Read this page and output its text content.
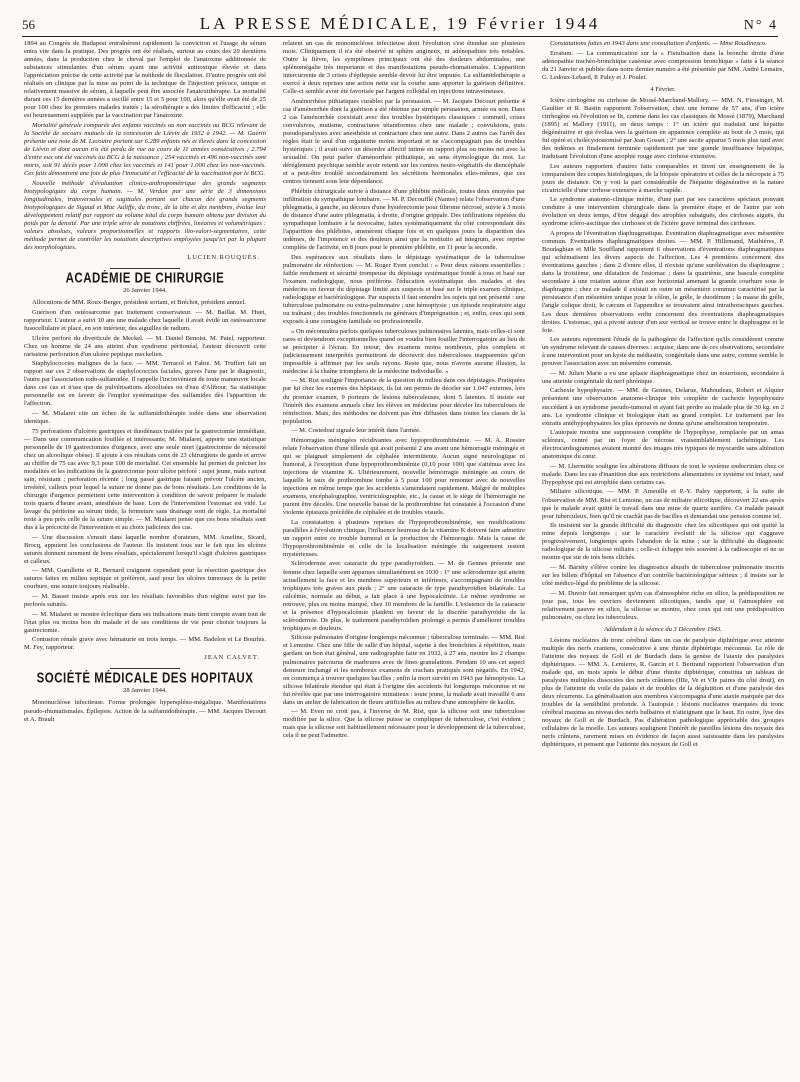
56	LA PRESSE MÉDICALE, 19 Février 1944	N° 4

1894 au Congrès de Budapest entraînèrent rapidement la conviction et l'usage du sérum entra vite dans la pratique. Des progrès ont été réalisés, surtout au cours des 20 dernières années, dans la production chez le cheval par l'emploi de l'anatoxine additionnée de substances stimulantes d'un sérum ayant une activité antitoxique élevée et dans l'appréciation précise de cette activité par la méthode de floculation. D'autre progrès ont été réalisés en clinique par la mise au point de la technique de l'injection précoce, unique et relativement massive de sérum, à laquelle peut être associée l'anatoxithérapie. La mortalité durant ces 15 dernières années a oscillé entre 15 et 5 pour 100, alors qu'elle avait été de 25 pour 100 chez les premiers malades traités ; la sérothérapie a des limites d'efficacité ; elle est heureusement suppléée par la vaccination par l'anatoxine.

Mortalité générale comparée des enfants vaccinés ou non vaccinés au BCG relevant de la Société de secours mutuels de la concession de Liévin de 1932 à 1942. — M. Guérin présente une note de M. Lecoutre portant sur 6.289 enfants nés et élevés dans la concession de Liévin et dont aucun n'a été perdu de vue au cours de 11 années consécutives ; 2.794 d'entre eux ont été vaccinés au BCG à la naissance ; 254 vaccinés et 496 non-vaccinés sont morts, soit 91 décès pour 1.000 chez les vaccinés et 141 pour 1.000 chez les non-vaccinés. Ces faits démontrent une fois de plus l'innocuité et l'efficacité de la vaccination par le BCG.

Nouvelle méthode d'évaluation clinico-anthropométrique des grands segments biotypologiques du corps humain. — M. Verdun par une série de 3 dimensions longitudinales, transversales et sagittales portant sur chacun des grands segments biotypologiques de Sigaud et Mac Auliffe, du tronc, de la tête et des membres, évalue leur développement relatif par rapport au volume total du corps humain obtenu par division du poids par la densité. Par une triple série de notations chiffrées, linéaires et volumétriques : valeurs absolues, valeurs proportionnelles et rapports ilio-valori-segmentaires, cette méthode permet de contrôler les notations descriptives employées jusqu'ici par la plupart des morphologistes.

LUCIEN ROUQUÈS.
ACADÉMIE DE CHIRURGIE
26 Janvier 1944.

Allocutions de MM. Roux-Berger, président sortant, et Bréchot, président annuel.

Guérison d'un ostéosarcome par traitement conservateur. — M. Baillat. M. Huet, rapporteur. L'auteur a suivi 10 ans une malade chez laquelle il avait évidé un ostéosarcome fusocellulaire et placé, en son intérieur, des aiguilles de radium.

Ulcère perforé du diverticule de Meckel. — M. Daniel Benoist. M. Patel, rapporteur. Chez un homme de 24 ans atteint d'un syndrome péritonéal, l'auteur découvrit cette rarissime perforation d'un ulcère peptique meckelien.

Staphylococcies malignes de la face. — MM. Terracol et Fabre. M. Truffert fait un rapport sur ces 2 observations de staphylococcies faciales, graves l'une par le diagnostic, l'autre par l'association iodo-sulfamidée. Il rappelle l'inconvénient de toute manœuvre locale dans ces cas et n'use que de pulvérisations alcoolisées ou d'eau d'Alibour. Sa statistique personnelle est en faveur de l'emploi systématique des sulfamides dès l'apparition de l'affection.

— M. Mialaret cite un échec de la sulfamidothérapie iodée dans une observation identique.

75 perforations d'ulcères gastriques et duodénaux traitées par la gastrectomie immédiate. — Dans une communication fouillée et intéressante, M. Mialaret, apporte une statistique personnelle de 19 gastrectomies d'urgence, avec une seule mort (gastrectomie de nécessité chez un alcoolique obèse). Il ajoute à ces résultats ceux de 23 chirurgiens de garde et arrive au chiffre de 75 cas avec 9,3 pour 100 de mortalité. Cet ensemble lui permet de préciser les modalités et les indications de la gastrectomie pour ulcère perforé : sujet jeune, mais surtout sain, résistant ; perforation récente ; long passé gastrique faisant prévoir l'ulcère ancien, invétéré, calleux pour lequel la suture ne donne pas de bons résultats. Les conditions de la chirurgie d'urgence permettent cette intervention à condition de savoir préparer le malade trois quarts d'heure avant, anesthésie de base. Lors de l'intervention l'estomac est vidé. Le lavage du péritoine au sérum tiède, la fermeture sans drainage sont de règle. La mortalité reste à peu près celle de la suture simple. — M. Mialaret pense que ces bons résultats sont dus à la précocité de l'intervention et au choix judicieux des cas.

— Une discussion s'ensuit dans laquelle nombre d'orateurs, MM. Ameline, Sicard, Brocq, appuient les conclusions de l'auteur. Ils insistent tous sur le fait que les ulcères suturés donnent rarement de bons résultats, spécialement lorsqu'il s'agit d'ulcères gastriques et calleux.

— MM. Gueullette et R. Bernard craignent cependant pour la résection gastrique des sutures faites en milieu septique et préfèrent, sauf pour les ulcères tumoraux de la petite courbure, une suture toujours réalisable.

— M. Basset insiste après eux sur les résultats favorables d'un régime suivi par les perforés suturés.

— M. Mialaret se montre éclectique dans ses indications mais tient compte avant tout de l'état plus ou moins bon du malade et de ses conditions de vie pour choisir toujours la gastrectomie.

Contusion rénale grave avec hématurie en trois temps. — MM. Badelon et Le Bourhis. M. Fey, rapporteur.

JEAN CALVET.
SOCIÉTÉ MÉDICALE DES HOPITAUX
28 Janvier 1944.

Mononucléose infectieuse. Forme prolongée hyperspléno-mégalique. Manifestations pseudo-rhumatismales. Épilepsie. Action de la sulfamidothérapie. — MM. Jacques Decourt et A. Brault

relatent un cas de mononucléose infectieuse dont l'évolution s'est étendue sur plusieurs mois. Cliniquement il n'a été observé ni sphère angineux, ni adénopathies très notables. Outre la fièvre, les symptômes principaux ont été des douleurs abdominales, une splénomégalie très importante et des manifestations pseudo-rhumatismales. L'apparition intercurrente de 3 crises d'épilepsie semble devoir lui être imputée. La sulfamidothérapie a exercé à deux reprises une action nette sur la courbe sans apporter la guérison définitive. Celle-ci semble avoir été favorisée par l'argent colloïdal en injections intraveineuses.

Aménorrhées pithiatiques curables par la persuasion. — M. Jacques Decourt présente 4 cas d'aménorrhée dont la guérison a été obtenue par simple persuasion, armée ou non. Dans 2 cas l'aménorrhée coexistait avec des troubles hystériques classiques : sommeil, crises convulsives, mutisme, contractures tétaniformes chez une malade ; convulsions, puis pseudoparalysies avec anesthésie et contracture chez une autre. Dans 2 autres cas l'arrêt des règles était le seul d'un organisme moins important et ne s'accompagnait pas de troubles hystériques ; il avait suivi un désordre affectif intime en rapport plus ou moins net avec la sexualité. On peut parler d'aménorrhée pithiatique, au sens étymologique du mot. Le déréglement psychique semble avoir retenti sur les centres neuro-végétatifs du diencéphale et a peut-être troublé secondairement les sécrétions hormonales elles-mêmes, que ces centres tiennent sous leur dépendance.

Phlébite chirurgicale suivie à distance d'une phlébite médicale, toutes deux enrayées par infiltration du sympathique lombaire. — M. P. Decoufflé (Nantes) relate l'observation d'une phlegmatia, à gauche, au décours d'une hystérectomie pour fibrome nécrosé, suivie à 3 mois de distance d'une autre phlegmatia, à droite, d'origine grippale. Des infiltrations répétées du sympathique lombaire à la novocaïne, faites systématiquement du côté correspondant dès l'apparition des phlébites, amenèrent chaque fois et en quelques jours la disparition des œdèmes, de l'impotence et des douleurs ainsi que la restitutio ad integrum, avec reprise complète de l'activité, en 8 jours pour le première phlébite, en 11 pour la seconde.

Des espérances aux résultats dans le dépistage systématique de la tuberculose pulmonaire de réinfection. — M. Roger Even conclut : « Pour deux raisons essentielles : faible rendement et sécurité trompeuse du dépistage systématique fondé à tous et basé sur l'examen radiologique, nous préférons l'éducation systématique des malades et des médecins en faveur du dépistage limité aux suspects et basé sur le triple examen clinique, radiologique et bactériologique. Par suspects il faut entendre les sujets qui ont présenté : une tuberculose pulmonaire ou extra-pulmonaire ; une hémoptysie ; un épisode respiratoire aigu ou traînant ; des troubles fonctionnels ou généraux d'imprégnation ; et, enfin, ceux qui sont exposés à une contagion familiale ou professionnelle.

« On méconnaîtra parfois quelques tuberculoses pulmonaires latentes, mais celles-ci sont rares et deviendront exceptionnelles quand on voudra bien fouiller l'interrogatoire au lieu de se précipiter à l'écran. En retour, des examens moins nombreux, plus complets et judicieusement interprétés permettront de découvrir des tuberculoses inapparentes qu'on impossible à affirmer par les seuls rayons. Reste que, nous n'avons aucune illusion, la médecine à la chaîne triomphera de la médecine individuelle. »

— M. Rist souligne l'importance de la question du milieu dans ces dépistages. Pratiquées par lui chez les externes des hôpitaux, ils lui ont permis de déceler sur 1.047 externes, lors du premier examen, 9 porteurs de lésions tuberculeuses, dont 5 latentes. Il insiste sur l'intérêt des examens annuels chez les élèves en médecine pour déceler les tuberculoses de réinfection. Mais, des méthodes ne doivent pas être diffusées dans toutes les classes de la population.

— M. Costedoat signale leur intérêt dans l'armée.

Hémorragies méningées récidivantes avec hypoprothrombinémie. — M. A. Rossier relate l'observation d'une tilleule qui avait présenté 2 ans avant une hémorragie méningée et qui se plaignait simplement de céphalée intermittente. Aucun signe neurologique ni humoral, à l'exception d'une hypoprothrombinémie (0,10 pour 100) que s'atténua avec les injections de vitamine K. Ultérieurement, nouvelle hémorragie méningée au cours de laquelle le taux de prothrombine tombe à 5 pour 100 pour remonter avec de nouvelles injections en même temps que les accidents s'amendaient rapidement. Malgré de multiples examens, encéphalographie, ventriculographie, etc., la cause et le siège de l'hémorragie ne purent être décelés. Une nouvelle baisse de la prothrombine fut constatée à l'occasion d'une violente épistaxis précédée de céphalée et de troubles visuels.

La constatation à plusieurs reprises de l'hypoprothrombinémie, ses modifications parallèles à l'évolution clinique, l'influence heureuse de la vitamine K doivent faire admettre un rapport entre ce trouble humoral et la production de l'hémorragie. Mais la cause de l'hypoprothrombinémie et celle de la localisation méningée du saignement restent mystérieuses.

Sclérodermie avec cataracte du type parathyroïdien. — M. de Gennes présente une femme chez laquelle sont apparues simultanément en 1930 : 1° une sclérodermie qui atteint actuellement la face et les membres supérieurs et inférieurs, s'accompagnant de troubles trophiques très graves aux pieds ; 2° une cataracte de type parathyroïdien bilatérale. La calcémie, normale au début, a fait place à une hypocalcémie. Le même syndrome se retrouve, plus ou moins marqué, chez 10 membres de la famille. L'existence de la cataracte et la présence d'hypocalcémie plaident en faveur de la discrète parathyroïdie de la sclérodermie. De plus, le traitement parathyroïdien prolongé a permis d'améliorer troubles trophiques et douleurs.

Silicose pulmonaire d'origine longtemps méconnue ; tuberculose terminale. — MM. Rist et Lemoine. Chez une fille de salle d'un hôpital, sujette à des bronchites à répétition, mais gardant un bon état général, une radiographie faite en 1932, à 27 ans, montre les 2 champs pulmonaires parcourus de marbrures avec de fines granulations. Pendant 10 ans cet aspect demeure inchangé et les nombreux examens de crachats pratiqués sont négatifs. En 1942, on commença à trouver quelques bacilles ; enfin la mort survint en 1943 par hémoptysie. La silicose bilatérale étendue qui était à l'origine des accidents fut longtemps méconnue et ne fut révélée que par une interrogatoire minutieux : toute jeune, la malade avait travaillé 6 ans dans un atelier de fabrication de fleurs artificielles au milieu d'une atmosphère de kaolin.

— M. Even ne croit pas, à l'inverse de M. Rist, que la silicose soit une tuberculose modifiée par la silice. Que la silicose puisse se compliquer de tuberculose, c'est évident ; mais que la silicose soit habituellement nécessaire pour le développement de la tuberculose, cela il ne peut l'admettre.

Constatations faites en 1943 dans une consultation d'enfants. — Mme Roudinesco.

Erratum. — La communication sur la « Fistulisation dans la bronche droite d'une adénopathie trachéo-bronchique caséeuse avec compression bronchique » faite à la séance du 21 Janvier et publiée dans notre dernier numéro a été présentée par MM. André Lemaire, G. Ledoux-Lebard, P. Paley et J. Poulet.

4 Février.

Ictère cirrhogène ou cirrhose de Mossé-Marchand-Mallory. — MM. N. Fiessinger, M. Gaultier et R. Bastin rapportent l'observation, chez une femme de 57 ans, d'un ictère cirrhogène où l'évolution se fit, comme dans les cas classiques de Mossé (1879), Marchand (1895) et Mallory (1911), en deux temps : 1° un ictère qui traduisit une hépatite dégénérative et qui évolua vers la guérison en apparence complète au bout de 3 mois, qui fut opéré et cholécystostomisé par Jean Gosset ; 2° une ascite apparue 5 mois plus tard avec des œdèmes et finalement terminée rapidement par une grande insuffisance hépatique, traduisant l'évolution d'une atrophie rouge avec cirrhose extensive.

Les auteurs rapportent d'autres faits comparables et tirent un enseignement de la comparaison des coupes histologiques, de la biopsie opératoire et celles de la nécropsie à 75 jours de distance. On y voit la part considérable de l'hépatite dégénérative et la nature cicatricielle d'une cirrhose extensive à marche rapide.

Le syndrome anatomo-clinique mérite, d'une part par ses caractères spéciaux pouvant conduire à une intervention chirurgicale dans la première étape et de l'autre par son évolution en deux temps, d'être dégagé des atrophies subaiguës, des cirrhoses aiguës, du syndrome icléro-ascitique des cirrhoses et de l'ictère grave terminal des cirrhoses.

A propos de l'éventration diaphragmatique. Éventration diaphragmatique avec mésentère commun. Éventrations diaphragmatiques droites. — MM. P. Hillemand, Mathières, P. Boudaghian et Mlle Souffland rapportent 6 observations d'éventrations diaphragmatiques qui schématisent les divers aspects de l'affection. Les 4 premières concernent des éventrations gauches ; dans 2 d'entre elles, il n'existe qu'une surélévation du diaphragme ; dans la troisième, une dilatation de l'estomac ; dans la quatrième, une bascule complète secondaire à une rotation autour d'un axe horizontal amenant la grande courbure sous le diaphragme ; chez ce malade il existait en outre un mésentère commun caractérisé par la persistance d'un mésentère unique pour le côlon, le grêle, le duodénum ; la masse du grêle, l'angle colique droit, le cæcum et l'appendice se trouvaient ainsi intrathoraciques gauches. Les deux dernières observations enfin concernent des éventrations diaphragmatiques droites. L'estomac, qui a pivoté autour d'un axe vertical se trouve entre le diaphragme et le foie.

Les auteurs reprennent l'étude de la pathogénie de l'affection qu'ils considèrent comme un syndrome relevant de causes diverses : acquise, dans une de ces observations, secondaire à une intervention pour un kyste du médiastin, congénitale dans une autre, comme semble le prouver l'association avec un mésentère commun.

— M. Julien Marie a vu une aplasie diaphragmatique chez un nourrisson, secondaire à une atteinte congénitale du nerf phrénique.

Cachexie hypophysaire. — MM. de Gennes, Delarue, Mahoudeau, Robert et Alquier présentent une observation anatomo-clinique très complète de cachexie hypophysaire succédant à un syndrome pseudo-tumoral et ayant fait perdre au malade plus de 30 kg. en 2 ans. Le syndrome clinique et biologique était au grand complet. Le traitement par les extraits antéhypophysaires les plus éprouvés ne donna qu'une amélioration temporaire.

L'autopsie montra une suppression complète de l'hypophyse, remplacée par un amas scléreux, centré par un foyer de nécrose vraisemblablement ischémique. Les électrocardiogrammes avaient montré des images très typiques de myocardie sans altération anatomique du cœur.

— M. Lhermitte souligne les altérations diffuses de tout le système endocrinien chez ce malade. Dans les cas d'inanition due aux restrictions alimentaires ce système est intact, sauf l'hypophyse qui est atrophiée dans certains cas.

Miliaire silicotique. — MM. P. Ameuille et P.-Y. Paley rapportent, à la suite de l'observation de MM. Rist et Lemoine, un cas de miliaire silicotique, découvert 22 ans après que le malade avait quitté le travail dans une mine de quartz aurifère. Ce malade passait pour tuberculeux, bien qu'il ne crachât pas de bacilles et demandait une pension comme tel.

Ils insistent sur la grande difficulté du diagnostic chez les silicotiques qui ont quitté la mine depuis longtemps ; sur le caractère évolutif de la silicose qui s'aggrave progressivement, longtemps après l'abandon de la mine ; sur la difficulté du diagnostic radiologique de la silicose miliaire ; celle-ci échappe très souvent à la radioscopie et ne se montre que sur de très bons clichés.

— M. Bariéty s'élève contre les diagnostics abusifs de tuberculose pulmonaire inscrits sur les billets d'hôpital en l'absence d'un contrôle bactériologique sérieux ; il insiste sur le côté médico-légal du problème de la silicose.

— M. Duvoir fait remarquer qu'en cas d'atmosphère riche en silice, la prédisposition ne joue pas, tous les ouvriers deviennent silicotiques, tandis que si l'atmosphère est relativement pauvre en silice, la silicose se montre, chez ceux qui ont une prédisposition pulmonaire, ou chez les tuberculeux.

Addendum à la séance du 3 Décembre 1943.

Lésions nucléaires du tronc cérébral dans un cas de paralysie diphtérique avec atteinte multiple des nerfs craniens, consécutive à une rhinite diphtérique méconnue. Le rôle de l'atteinte des noyaux de Goll et de Burdach dans la genèse de l'ataxie des paralysies diphtériques. — MM. A. Lemierre, R. Garcin et I. Bertrand rapportent l'observation d'un malade qui, un mois après le début d'une rhinite diphtérique, constitua un tableau de paralysies multiples dissociées des nerfs crâniens (IIIe, Ve et VIe paires du côté droit), en plus de l'atteinte du voile du palais et de troubles de la déglutition et d'une paralysie des deux récurrents. La généralisation aux membres s'accompagna d'une ataxie marquée par des troubles de la sensibilité profonde. A l'autopsie : lésions nucléaires marquées du tronc cérébral maxima au niveau des nerfs bulbaires et n'atteignant que le haut. En outre, lyse des noyaux de Goll et de Burdach. Pas d'altération pathologique appréciable des groupes cellulaires de la moelle. Les auteurs soulignent l'intérêt de pareilles lésions des noyaux des nerfs crâniens, rarement mises en évidence de façon aussi saisissante dans les paralysies diphtériques, et pensent que l'atteinte des noyaux de Goll et
